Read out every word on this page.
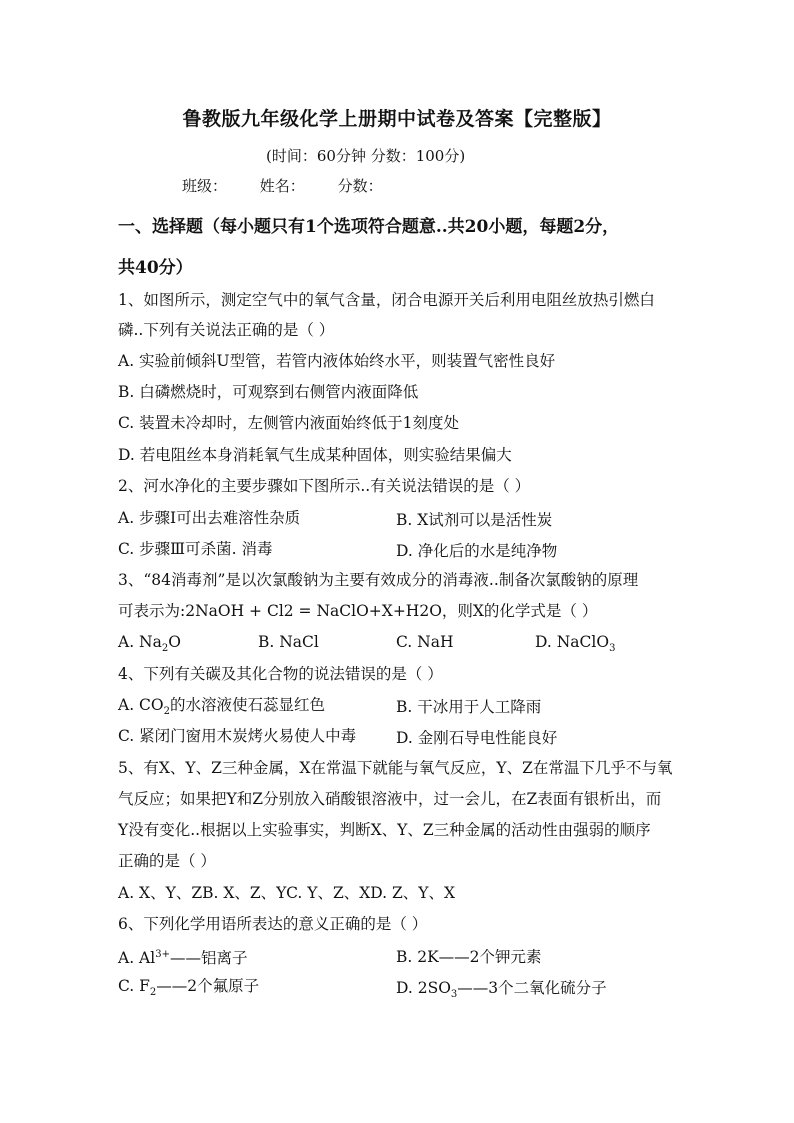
鲁教版九年级化学上册期中试卷及答案【完整版】
(时间：60分钟 分数：100分)
班级： 姓名： 分数：
一、选择题（每小题只有1个选项符合题意..共20小题，每题2分，
共40分）
1、如图所示，测定空气中的氧气含量，闭合电源开关后利用电阻丝放热引燃白
磷..下列有关说法正确的是（ ）
A. 实验前倾斜U型管，若管内液体始终水平，则装置气密性良好
B. 白磷燃烧时，可观察到右侧管内液面降低
C. 装置未冷却时，左侧管内液面始终低于1刻度处
D. 若电阻丝本身消耗氧气生成某种固体，则实验结果偏大
2、河水净化的主要步骤如下图所示..有关说法错误的是（ ）
A. 步骤Ⅰ可出去难溶性杂质	B. X试剂可以是活性炭
C. 步骤Ⅲ可杀菌. 消毒	D. 净化后的水是纯净物
3、“84消毒剂”是以次氯酸钠为主要有效成分的消毒液..制备次氯酸钠的原理
可表示为:2NaOH + Cl2 = NaClO+X+H2O，则X的化学式是（ ）
A. $Na_2O$	B. NaCl	C. NaH	D. NaClO$_3$
4、下列有关碳及其化合物的说法错误的是（ ）
A. $CO_2$的水溶液使石蕊显红色	B. 干冰用于人工降雨
C. 紧闭门窗用木炭烤火易使人中毒	D. 金刚石导电性能良好
5、有X、Y、Z三种金属，X在常温下就能与氧气反应，Y、Z在常温下几乎不与氧
气反应；如果把Y和Z分别放入硝酸银溶液中，过一会儿，在Z表面有银析出，而
Y没有变化..根据以上实验事实，判断X、Y、Z三种金属的活动性由强弱的顺序
正确的是（ ）
A. X、Y、ZB. X、Z、YC. Y、Z、XD. Z、Y、X
6、下列化学用语所表达的意义正确的是（ ）
A. $Al^{3+}——$铝离子	B. 2K——2个钾元素
C. $F_2——2$个氟原子	D. $2SO_3——3$个二氧化硫分子
